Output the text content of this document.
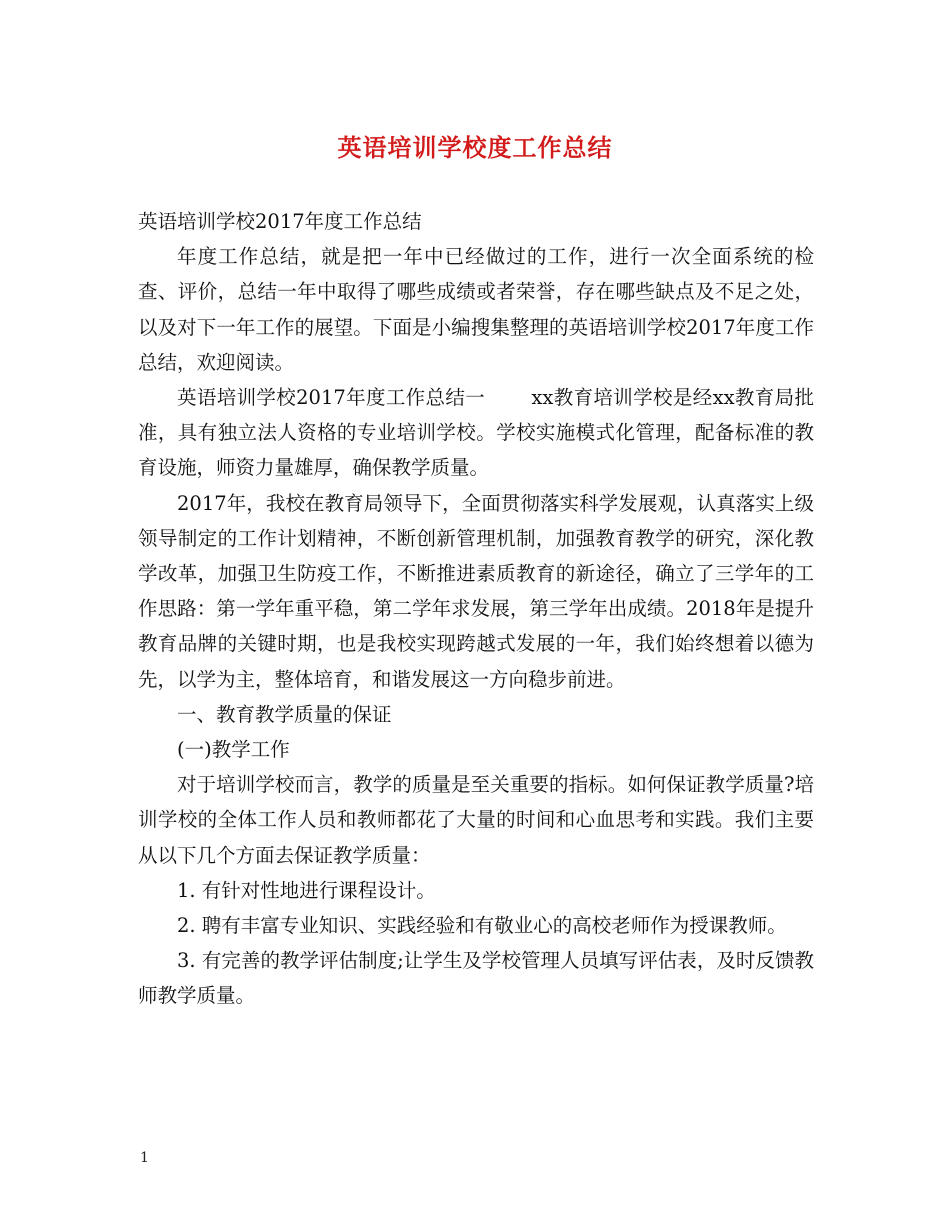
英语培训学校度工作总结

英语培训学校2017年度工作总结

年度工作总结，就是把一年中已经做过的工作，进行一次全面系统的检查、评价，总结一年中取得了哪些成绩或者荣誉，存在哪些缺点及不足之处，以及对下一年工作的展望。下面是小编搜集整理的英语培训学校2017年度工作总结，欢迎阅读。

英语培训学校2017年度工作总结一　　 xx教育培训学校是经xx教育局批准，具有独立法人资格的专业培训学校。学校实施模式化管理，配备标准的教育设施，师资力量雄厚，确保教学质量。

2017年，我校在教育局领导下，全面贯彻落实科学发展观，认真落实上级领导制定的工作计划精神，不断创新管理机制，加强教育教学的研究，深化教学改革，加强卫生防疫工作，不断推进素质教育的新途径，确立了三学年的工作思路：第一学年重平稳，第二学年求发展，第三学年出成绩。2018年是提升教育品牌的关键时期，也是我校实现跨越式发展的一年，我们始终想着以德为先，以学为主，整体培育，和谐发展这一方向稳步前进。

一、教育教学质量的保证

(一)教学工作

对于培训学校而言，教学的质量是至关重要的指标。如何保证教学质量?培训学校的全体工作人员和教师都花了大量的时间和心血思考和实践。我们主要从以下几个方面去保证教学质量：

1. 有针对性地进行课程设计。

2. 聘有丰富专业知识、实践经验和有敬业心的高校老师作为授课教师。

3. 有完善的教学评估制度;让学生及学校管理人员填写评估表，及时反馈教师教学质量。

1
